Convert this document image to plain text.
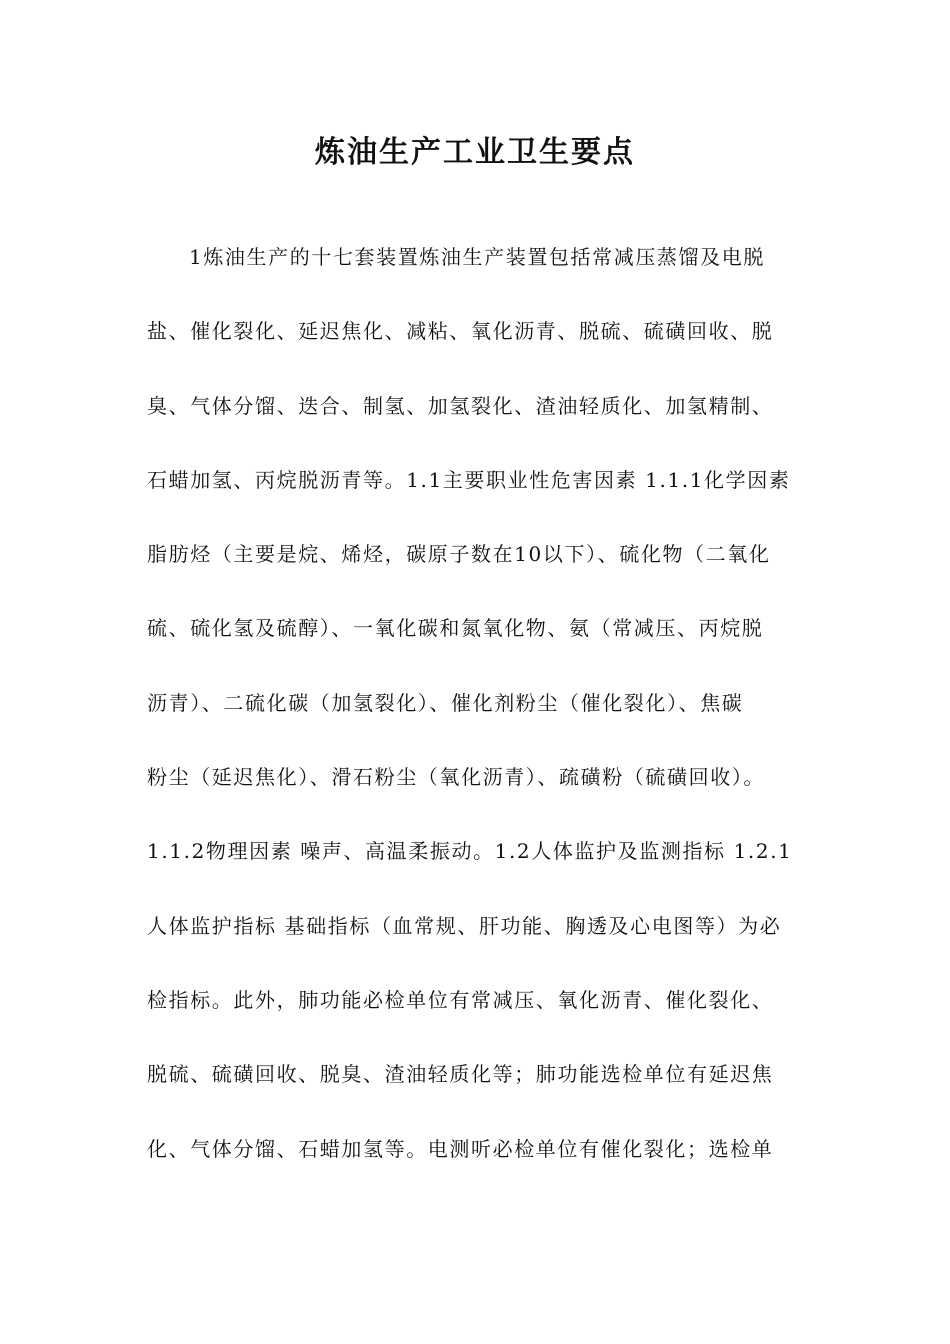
炼油生产工业卫生要点
1炼油生产的十七套装置炼油生产装置包括常减压蒸馏及电脱
盐、催化裂化、延迟焦化、减粘、氧化沥青、脱硫、硫磺回收、脱
臭、气体分馏、迭合、制氢、加氢裂化、渣油轻质化、加氢精制、
石蜡加氢、丙烷脱沥青等。1.1主要职业性危害因素 1.1.1化学因素
脂肪烃（主要是烷、烯烃，碳原子数在10以下）、硫化物（二氧化
硫、硫化氢及硫醇）、一氧化碳和氮氧化物、氨（常减压、丙烷脱
沥青）、二硫化碳（加氢裂化）、催化剂粉尘（催化裂化）、焦碳
粉尘（延迟焦化）、滑石粉尘（氧化沥青）、疏磺粉（硫磺回收）。
1.1.2物理因素 噪声、高温柔振动。1.2人体监护及监测指标 1.2.1
人体监护指标 基础指标（血常规、肝功能、胸透及心电图等）为必
检指标。此外，肺功能必检单位有常减压、氧化沥青、催化裂化、
脱硫、硫磺回收、脱臭、渣油轻质化等；肺功能选检单位有延迟焦
化、气体分馏、石蜡加氢等。电测听必检单位有催化裂化；选检单
